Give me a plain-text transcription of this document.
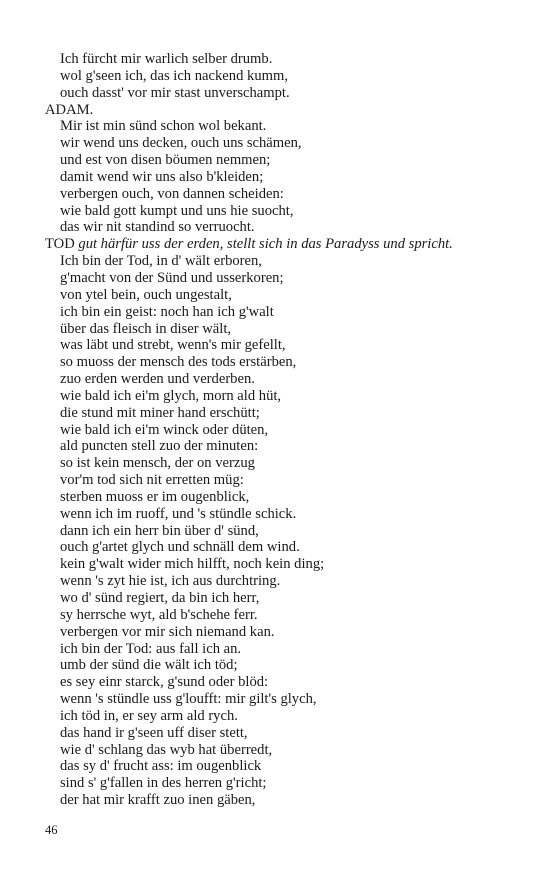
Ich fürcht mir warlich selber drumb.
wol g'seen ich, das ich nackend kumm,
ouch dasst' vor mir stast unverschampt.
ADAM.
Mir ist min sünd schon wol bekant.
wir wend uns decken, ouch uns schämen,
und est von disen böumen nemmen;
damit wend wir uns also b'kleiden;
verbergen ouch, von dannen scheiden:
wie bald gott kumpt und uns hie suocht,
das wir nit standind so verruocht.
TOD gut härfür uss der erden, stellt sich in das Paradyss und spricht.
Ich bin der Tod, in d' wält erboren,
g'macht von der Sünd und usserkoren;
von ytel bein, ouch ungestalt,
ich bin ein geist: noch han ich g'walt
über das fleisch in diser wält,
was läbt und strebt, wenn's mir gefellt,
so muoss der mensch des tods erstärben,
zuo erden werden und verderben.
wie bald ich ei'm glych, morn ald hüt,
die stund mit miner hand erschütt;
wie bald ich ei'm winck oder düten,
ald puncten stell zuo der minuten:
so ist kein mensch, der on verzug
vor'm tod sich nit erretten müg:
sterben muoss er im ougenblick,
wenn ich im ruoff, und 's stündle schick.
dann ich ein herr bin über d' sünd,
ouch g'artet glych und schnäll dem wind.
kein g'walt wider mich hilfft, noch kein ding;
wenn 's zyt hie ist, ich aus durchtring.
wo d' sünd regiert, da bin ich herr,
sy herrsche wyt, ald b'schehe ferr.
verbergen vor mir sich niemand kan.
ich bin der Tod: aus fall ich an.
umb der sünd die wält ich töd;
es sey einr starck, g'sund oder blöd:
wenn 's stündle uss g'loufft: mir gilt's glych,
ich töd in, er sey arm ald rych.
das hand ir g'seen uff diser stett,
wie d' schlang das wyb hat überredt,
das sy d' frucht ass: im ougenblick
sind s' g'fallen in des herren g'richt;
der hat mir krafft zuo inen gäben,
46
